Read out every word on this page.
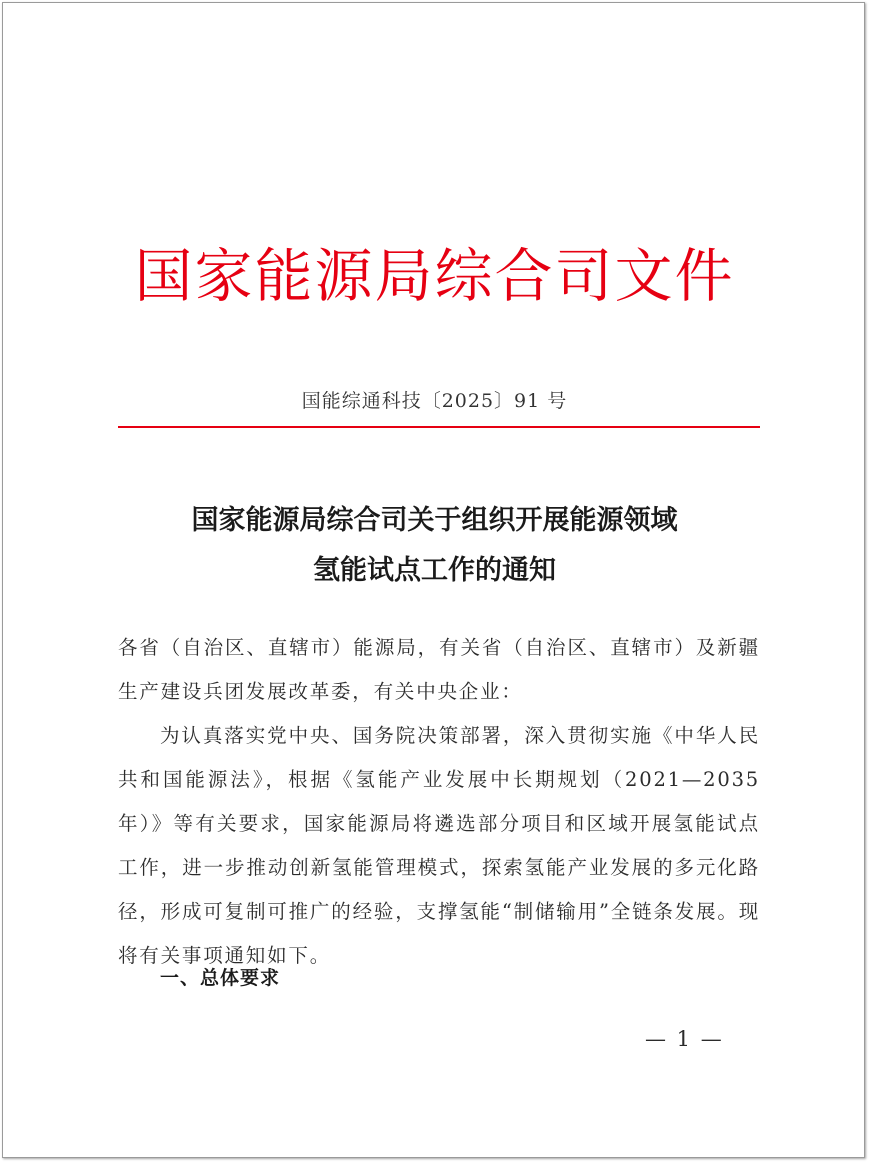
国家能源局综合司文件
国能综通科技〔2025〕91 号
国家能源局综合司关于组织开展能源领域
氢能试点工作的通知

各省（自治区、直辖市）能源局，有关省（自治区、直辖市）及新疆生产建设兵团发展改革委，有关中央企业：

为认真落实党中央、国务院决策部署，深入贯彻实施《中华人民共和国能源法》，根据《氢能产业发展中长期规划（2021—2035年）》等有关要求，国家能源局将遴选部分项目和区域开展氢能试点工作，进一步推动创新氢能管理模式，探索氢能产业发展的多元化路径，形成可复制可推广的经验，支撑氢能“制储输用”全链条发展。现将有关事项通知如下。

一、总体要求
— 1 —
